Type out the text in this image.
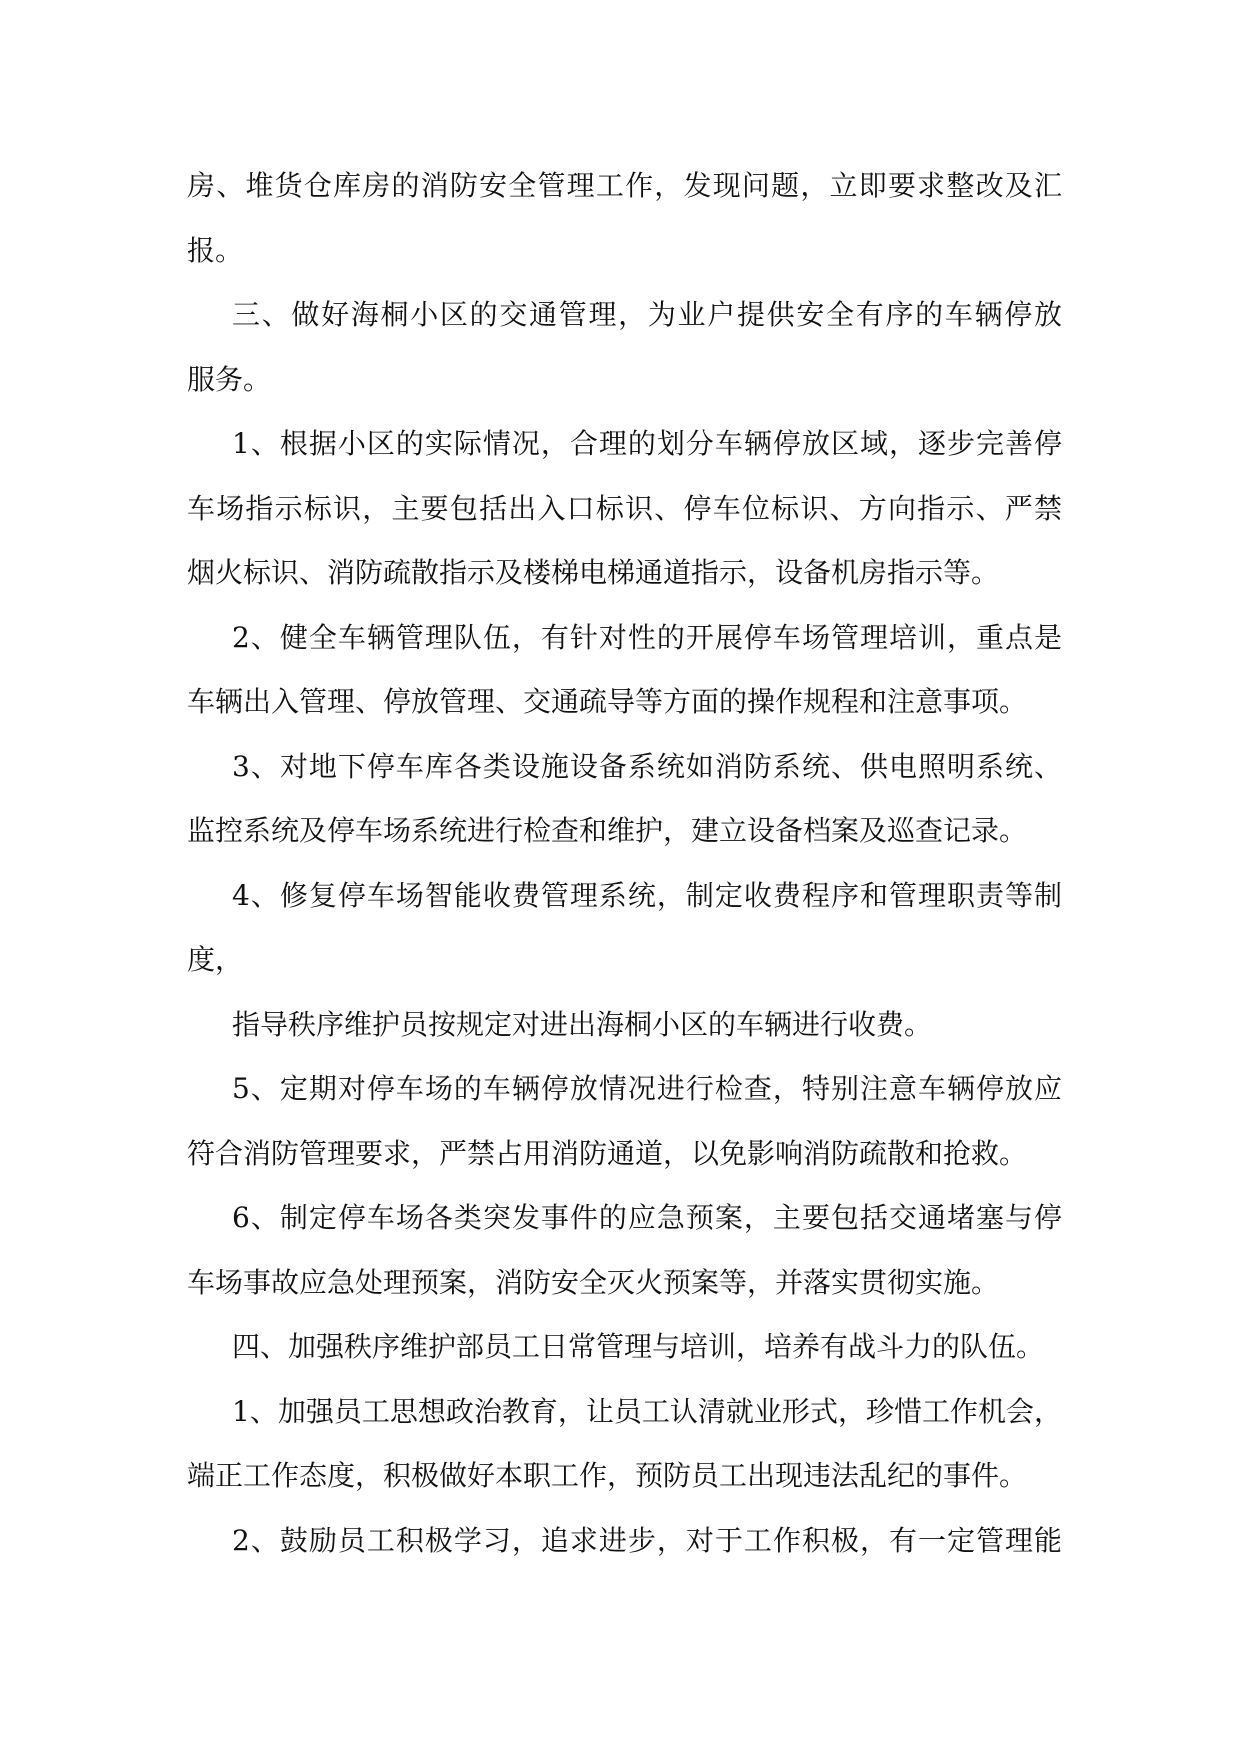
房、堆货仓库房的消防安全管理工作，发现问题，立即要求整改及汇
报。
三、做好海桐小区的交通管理，为业户提供安全有序的车辆停放
服务。
1、根据小区的实际情况，合理的划分车辆停放区域，逐步完善停
车场指示标识，主要包括出入口标识、停车位标识、方向指示、严禁
烟火标识、消防疏散指示及楼梯电梯通道指示，设备机房指示等。
2、健全车辆管理队伍，有针对性的开展停车场管理培训，重点是
车辆出入管理、停放管理、交通疏导等方面的操作规程和注意事项。
3、对地下停车库各类设施设备系统如消防系统、供电照明系统、
监控系统及停车场系统进行检查和维护，建立设备档案及巡查记录。
4、修复停车场智能收费管理系统，制定收费程序和管理职责等制
度，
指导秩序维护员按规定对进出海桐小区的车辆进行收费。
5、定期对停车场的车辆停放情况进行检查，特别注意车辆停放应
符合消防管理要求，严禁占用消防通道，以免影响消防疏散和抢救。
6、制定停车场各类突发事件的应急预案，主要包括交通堵塞与停
车场事故应急处理预案，消防安全灭火预案等，并落实贯彻实施。
四、加强秩序维护部员工日常管理与培训，培养有战斗力的队伍。
1、加强员工思想政治教育，让员工认清就业形式，珍惜工作机会，
端正工作态度，积极做好本职工作，预防员工出现违法乱纪的事件。
2、鼓励员工积极学习，追求进步，对于工作积极，有一定管理能
